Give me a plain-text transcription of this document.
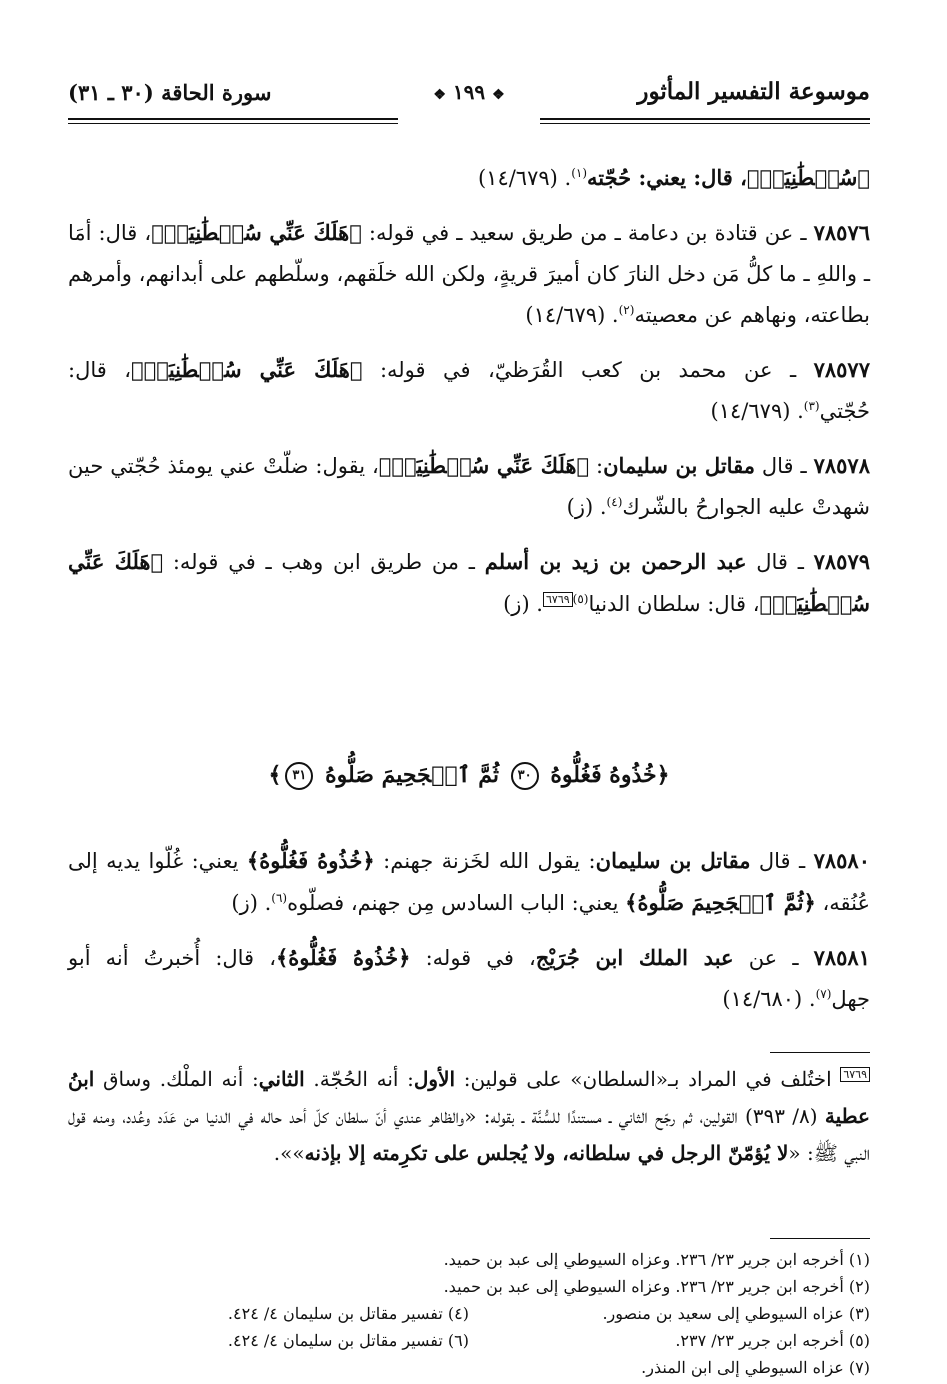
موسوعة التفسير المأثور
❖ ١٩٩ ❖
سورة الحاقة (٣٠ ـ ٣١)

﴿سُلۡطَٰنِيَهۡ﴾، قال: يعني: حُجّته$^{(١)}$. (١٤/٦٧٩)

٧٨٥٧٦ ـ عن قتادة بن دعامة ـ من طريق سعيد ـ في قوله: ﴿هَلَكَ عَنِّي سُلۡطَٰنِيَهۡ﴾، قال: أمَا ـ واللهِ ـ ما كلُّ مَن دخل النارَ كان أميرَ قريةٍ، ولكن الله خلَقهم، وسلّطهم على أبدانهم، وأمرهم بطاعته، ونهاهم عن معصيته$^{(٢)}$. (١٤/٦٧٩)

٧٨٥٧٧ ـ عن محمد بن كعب القُرَظيّ، في قوله: ﴿هَلَكَ عَنِّي سُلۡطَٰنِيَهۡ﴾، قال: حُجّتي$^{(٣)}$. (١٤/٦٧٩)

٧٨٥٧٨ ـ قال مقاتل بن سليمان: ﴿هَلَكَ عَنِّي سُلۡطَٰنِيَهۡ﴾، يقول: ضلّتْ عني يومئذ حُجّتي حين شهدتْ عليه الجوارحُ بالشّرك$^{(٤)}$. (ز)

٧٨٥٧٩ ـ قال عبد الرحمن بن زيد بن أسلم ـ من طريق ابن وهب ـ في قوله: ﴿هَلَكَ عَنِّي سُلۡطَٰنِيَهۡ﴾، قال: سلطان الدنيا$^{(٥)}$٦٧٦٩. (ز)

﴿خُذُوهُ فَغُلُّوهُ ٣٠ ثُمَّ ٱلۡجَحِيمَ صَلُّوهُ ٣١﴾

٧٨٥٨٠ ـ قال مقاتل بن سليمان: يقول الله لخَزنة جهنم: ﴿خُذُوهُ فَغُلُّوهُ﴾ يعني: غُلّوا يديه إلى عُنُقه، ﴿ثُمَّ ٱلۡجَحِيمَ صَلُّوهُ﴾ يعني: الباب السادس مِن جهنم، فصلّوه$^{(٦)}$. (ز)

٧٨٥٨١ ـ عن عبد الملك ابن جُرَيْج، في قوله: ﴿خُذُوهُ فَغُلُّوهُ﴾، قال: أُخبرتُ أنه أبو جهل$^{(٧)}$. (١٤/٦٨٠)

٦٧٦٩ اختُلف في المراد بـ«السلطان» على قولين: الأول: أنه الحُجّة. الثاني: أنه الملْك. وساق ابنُ عطية (٨/ ٣٩٣) القولين، ثم رجّح الثاني ـ مستندًا للسُّنَّة ـ بقوله: «والظاهر عندي أنّ سلطان كلّ أحد حاله في الدنيا من عَدَد وعُدد، ومنه قول النبي ﷺ: «لا يُؤمّنّ الرجل في سلطانه، ولا يُجلس على تكرِمته إلا بإذنه»».
(١) أخرجه ابن جرير ٢٣/ ٢٣٦. وعزاه السيوطي إلى عبد بن حميد.
(٢) أخرجه ابن جرير ٢٣/ ٢٣٦. وعزاه السيوطي إلى عبد بن حميد.
(٣) عزاه السيوطي إلى سعيد بن منصور.
(٤) تفسير مقاتل بن سليمان ٤/ ٤٢٤.
(٥) أخرجه ابن جرير ٢٣/ ٢٣٧.
(٦) تفسير مقاتل بن سليمان ٤/ ٤٢٤.
(٧) عزاه السيوطي إلى ابن المنذر.
